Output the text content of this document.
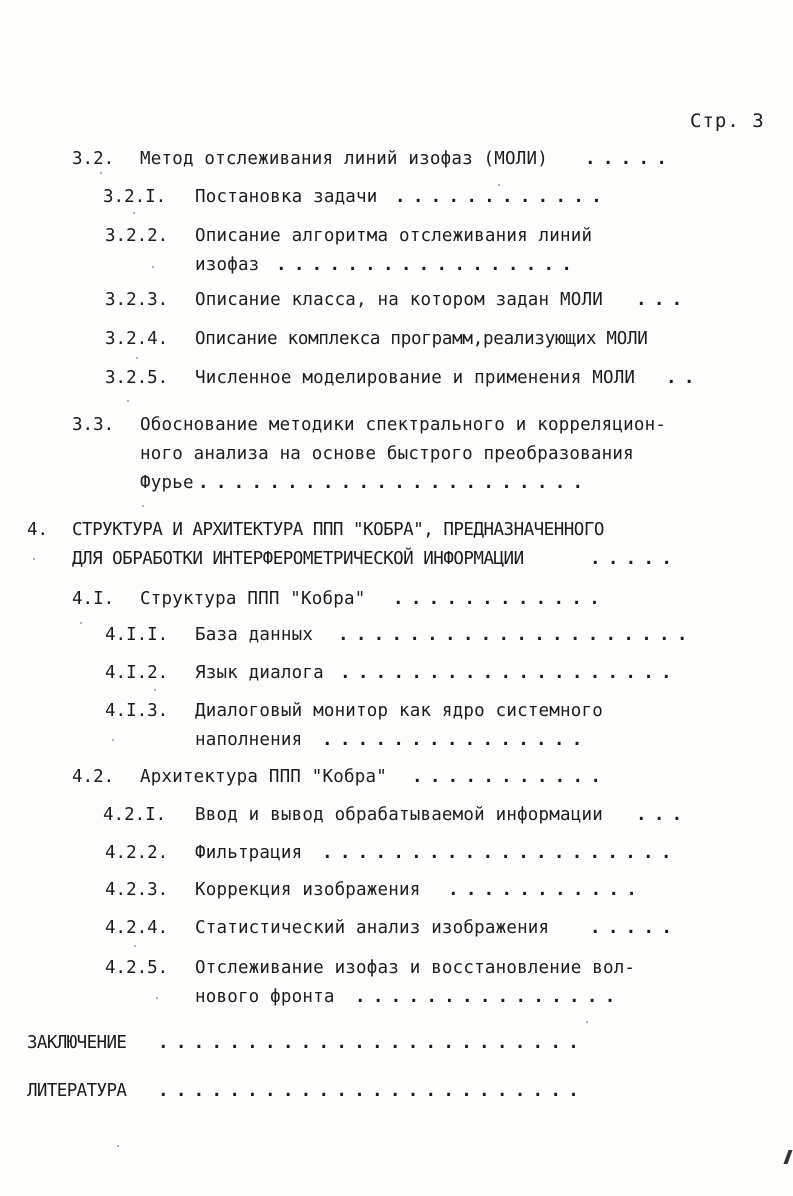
Стр. 3
3.2. Метод отслеживания линий изофаз (МОЛИ) .....
3.2.I. Постановка задачи ............
3.2.2. Описание алгоритма отслеживания линий
изофаз .................
3.2.3. Описание класса, на котором задан МОЛИ ...
3.2.4. Описание комплекса программ,реализующих МОЛИ
3.2.5. Численное моделирование и применения МОЛИ ..
3.3. Обоснование методики спектрального и корреляцион-
ного анализа на основе быстрого преобразования
Фурье ......................
4. СТРУКТУРА И АРХИТЕКТУРА ППП "КОБРА", ПРЕДНАЗНАЧЕННОГО
ДЛЯ ОБРАБОТКИ ИНТЕРФЕРОМЕТРИЧЕСКОЙ ИНФОРМАЦИИ	.....
4.I. Структура ППП "Кобра" ............
4.I.I. База данных ....................
4.I.2. Язык диалога ...................
4.I.3. Диалоговый монитор как ядро системного
наполнения ...............
4.2. Архитектура ППП "Кобра" ...........
4.2.I. Ввод и вывод обрабатываемой информации ...
4.2.2. Фильтрация ....................
4.2.3. Коррекция изображения ...........
4.2.4. Статистический анализ изображения .....
4.2.5. Отслеживание изофаз и восстановление вол-
нового фронта ...............
ЗАКЛЮЧЕНИЕ ........................
ЛИТЕРАТУРА ........................
